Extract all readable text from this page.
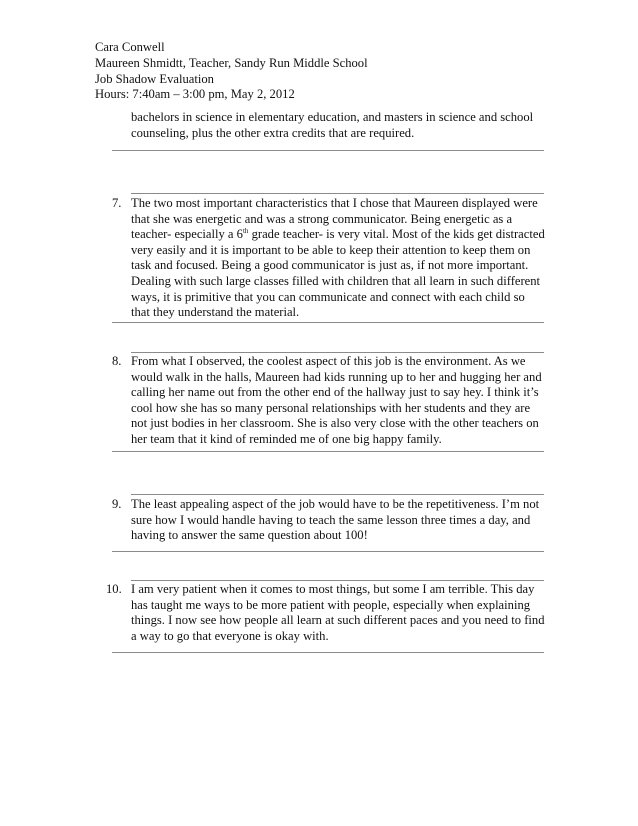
Cara Conwell
Maureen Shmidtt, Teacher, Sandy Run Middle School
Job Shadow Evaluation
Hours: 7:40am – 3:00 pm, May 2, 2012
bachelors in science in elementary education, and masters in science and school
counseling, plus the other extra credits that are required.
7. The two most important characteristics that I chose that Maureen displayed were
that she was energetic and was a strong communicator. Being energetic as a
teacher- especially a 6th grade teacher- is very vital. Most of the kids get distracted
very easily and it is important to be able to keep their attention to keep them on
task and focused. Being a good communicator is just as, if not more important.
Dealing with such large classes filled with children that all learn in such different
ways, it is primitive that you can communicate and connect with each child so
that they understand the material.
8. From what I observed, the coolest aspect of this job is the environment. As we
would walk in the halls, Maureen had kids running up to her and hugging her and
calling her name out from the other end of the hallway just to say hey. I think it’s
cool how she has so many personal relationships with her students and they are
not just bodies in her classroom. She is also very close with the other teachers on
her team that it kind of reminded me of one big happy family.
9. The least appealing aspect of the job would have to be the repetitiveness. I’m not
sure how I would handle having to teach the same lesson three times a day, and
having to answer the same question about 100!
10. I am very patient when it comes to most things, but some I am terrible. This day
has taught me ways to be more patient with people, especially when explaining
things. I now see how people all learn at such different paces and you need to find
a way to go that everyone is okay with.
